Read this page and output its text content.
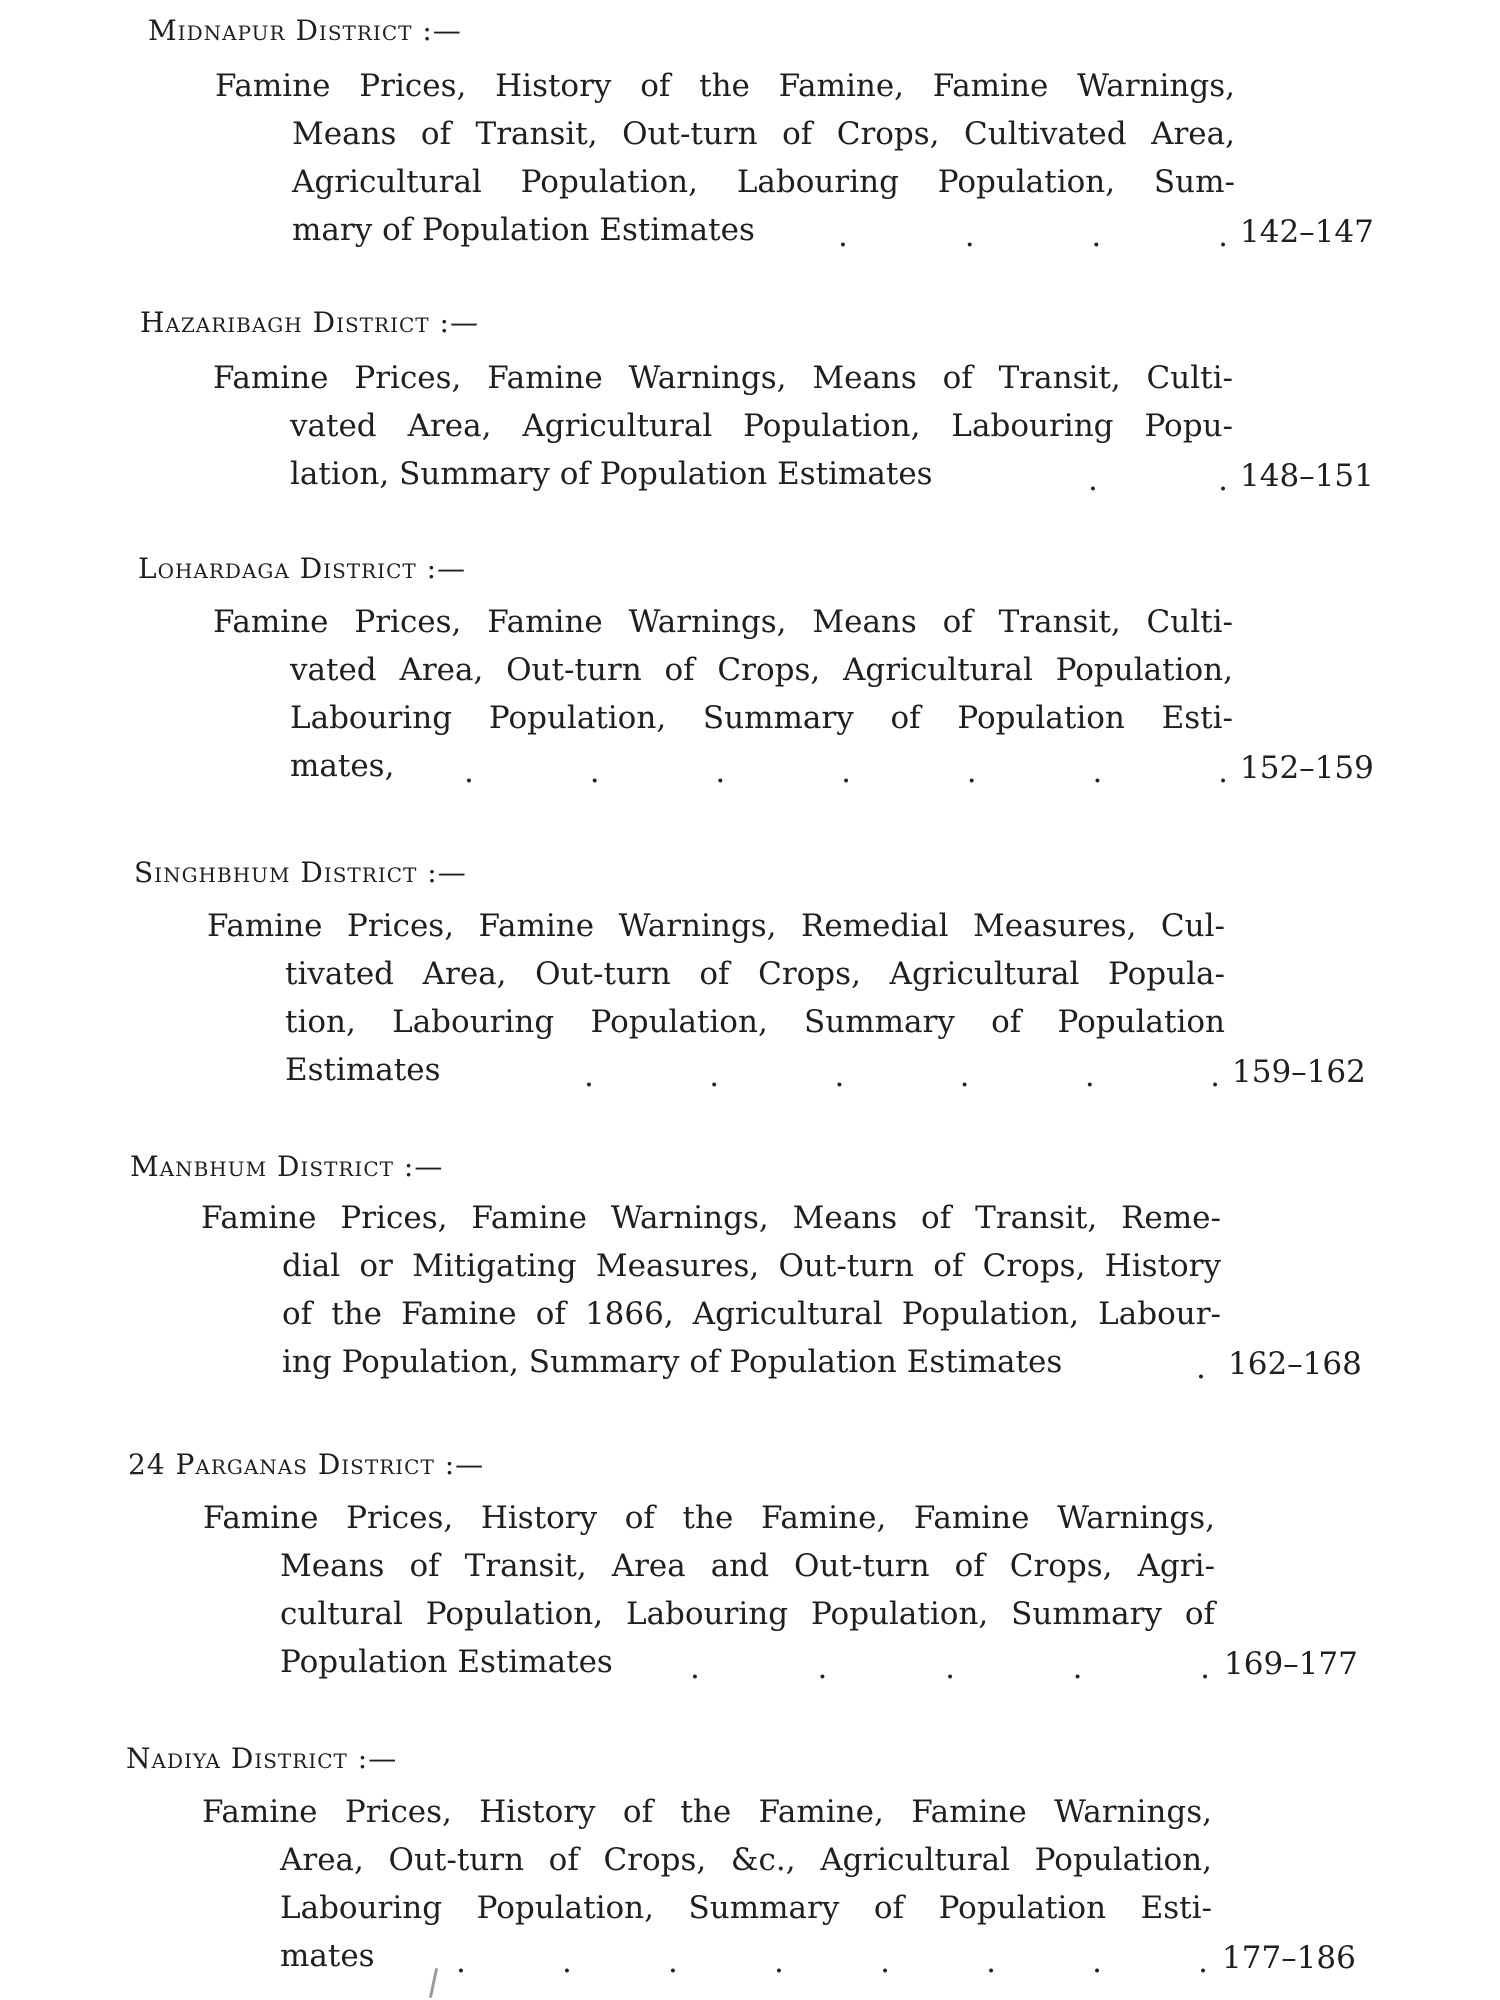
Midnapur District :—
Famine Prices, History of the Famine, Famine Warnings,
Means of Transit, Out-turn of Crops, Cultivated Area,
Agricultural Population, Labouring Population, Sum-
mary of Population Estimates	.	.	.	. 142–147
Hazaribagh District :—
Famine Prices, Famine Warnings, Means of Transit, Culti-
vated Area, Agricultural Population, Labouring Popu-
lation, Summary of Population Estimates	.	. 148–151
Lohardaga District :—
Famine Prices, Famine Warnings, Means of Transit, Culti-
vated Area, Out-turn of Crops, Agricultural Population,
Labouring Population, Summary of Population Esti-
mates,	.	.	.	.	.	.	. 152–159
Singhbhum District :—
Famine Prices, Famine Warnings, Remedial Measures, Cul-
tivated Area, Out-turn of Crops, Agricultural Popula-
tion, Labouring Population, Summary of Population
Estimates	.	.	.	.	.	. 159–162
Manbhum District :—
Famine Prices, Famine Warnings, Means of Transit, Reme-
dial or Mitigating Measures, Out-turn of Crops, History
of the Famine of 1866, Agricultural Population, Labour-
ing Population, Summary of Population Estimates	. 162–168
24 Parganas District :—
Famine Prices, History of the Famine, Famine Warnings,
Means of Transit, Area and Out-turn of Crops, Agri-
cultural Population, Labouring Population, Summary of
Population Estimates	.	.	.	.	. 169–177
Nadiya District :—
Famine Prices, History of the Famine, Famine Warnings,
Area, Out-turn of Crops, &c., Agricultural Population,
Labouring Population, Summary of Population Esti-
mates	.	.	.	.	.	.	.	. 177–186
